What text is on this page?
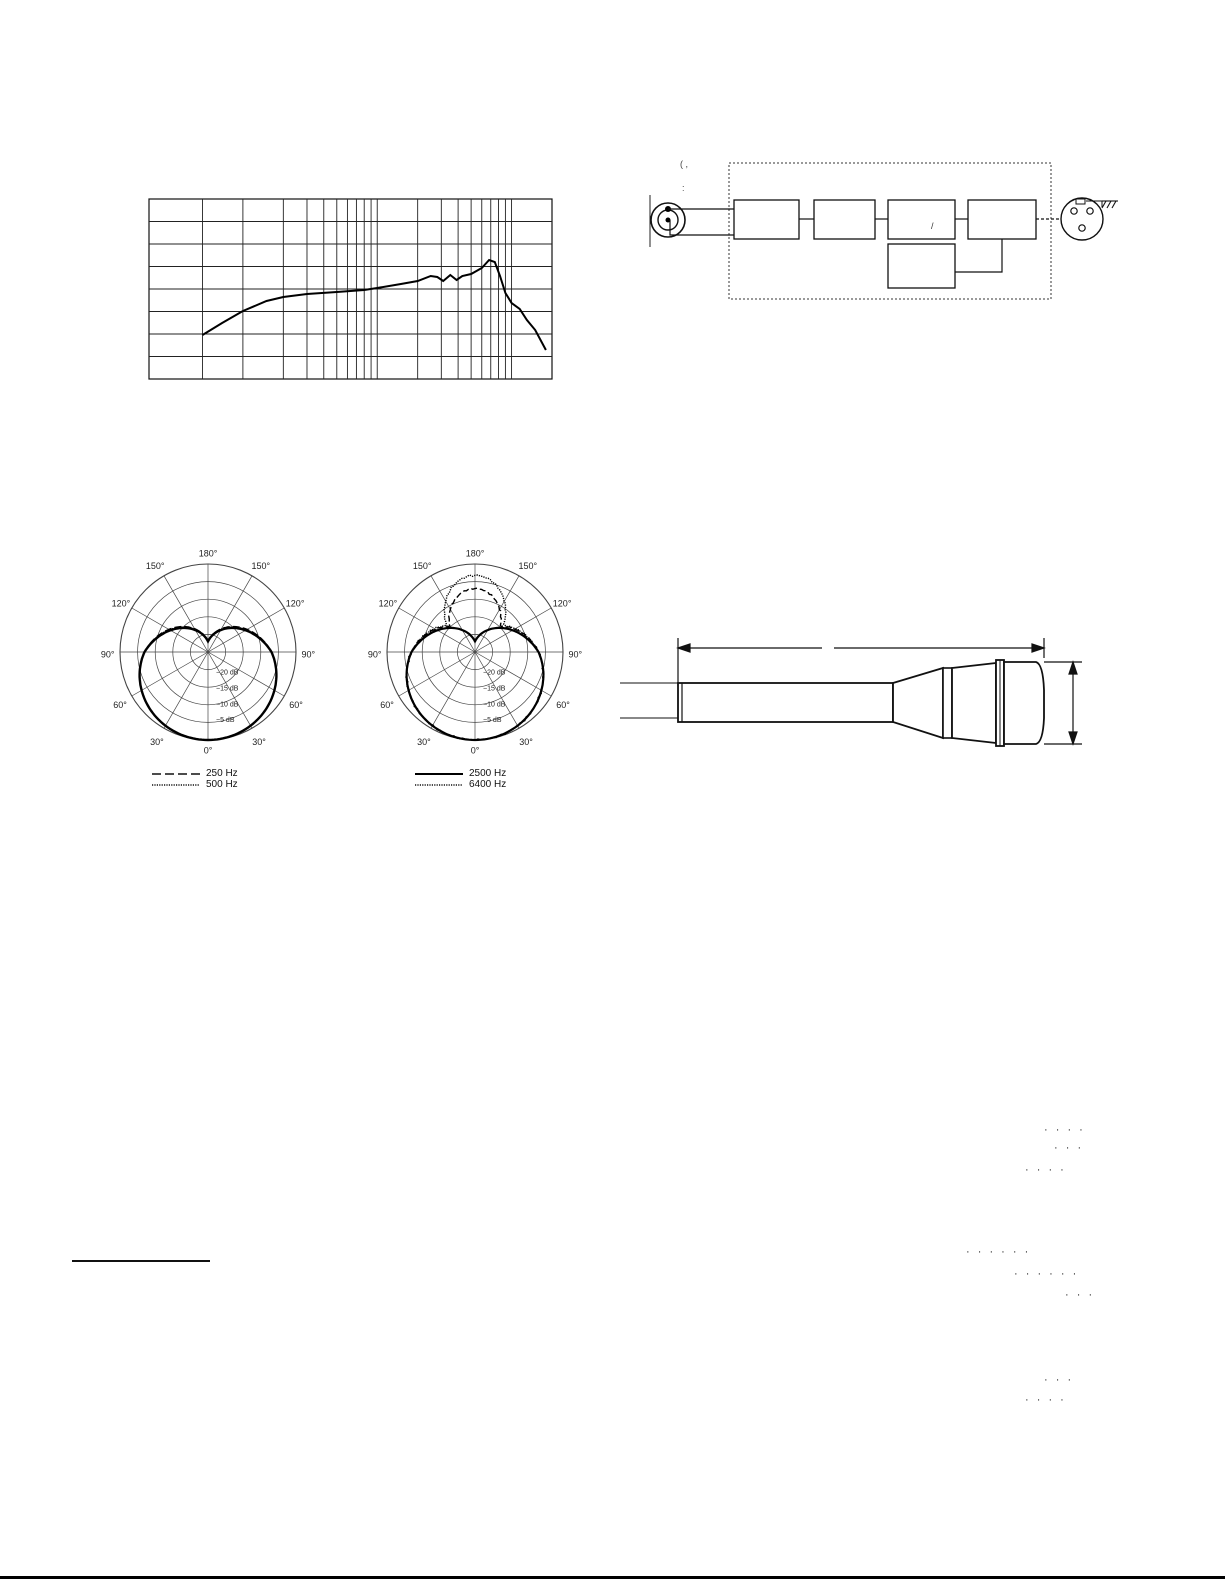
( ,
:
/
180°
150°	150°
120°	120°
90°	90°
60°	60°
30°	30°
0°
−20 dB
−15 dB
−10 dB
−5 dB
250 Hz
500 Hz
180°
150°	150°
120°	120°
90°	90°
60°	60°
30°	30°
0°
−20 dB
−15 dB
−10 dB
−5 dB
2500 Hz
6400 Hz
· · · ·
· · ·
· · · ·
· · · · · ·
· · · · · ·
· · ·
· · ·
· · · ·
